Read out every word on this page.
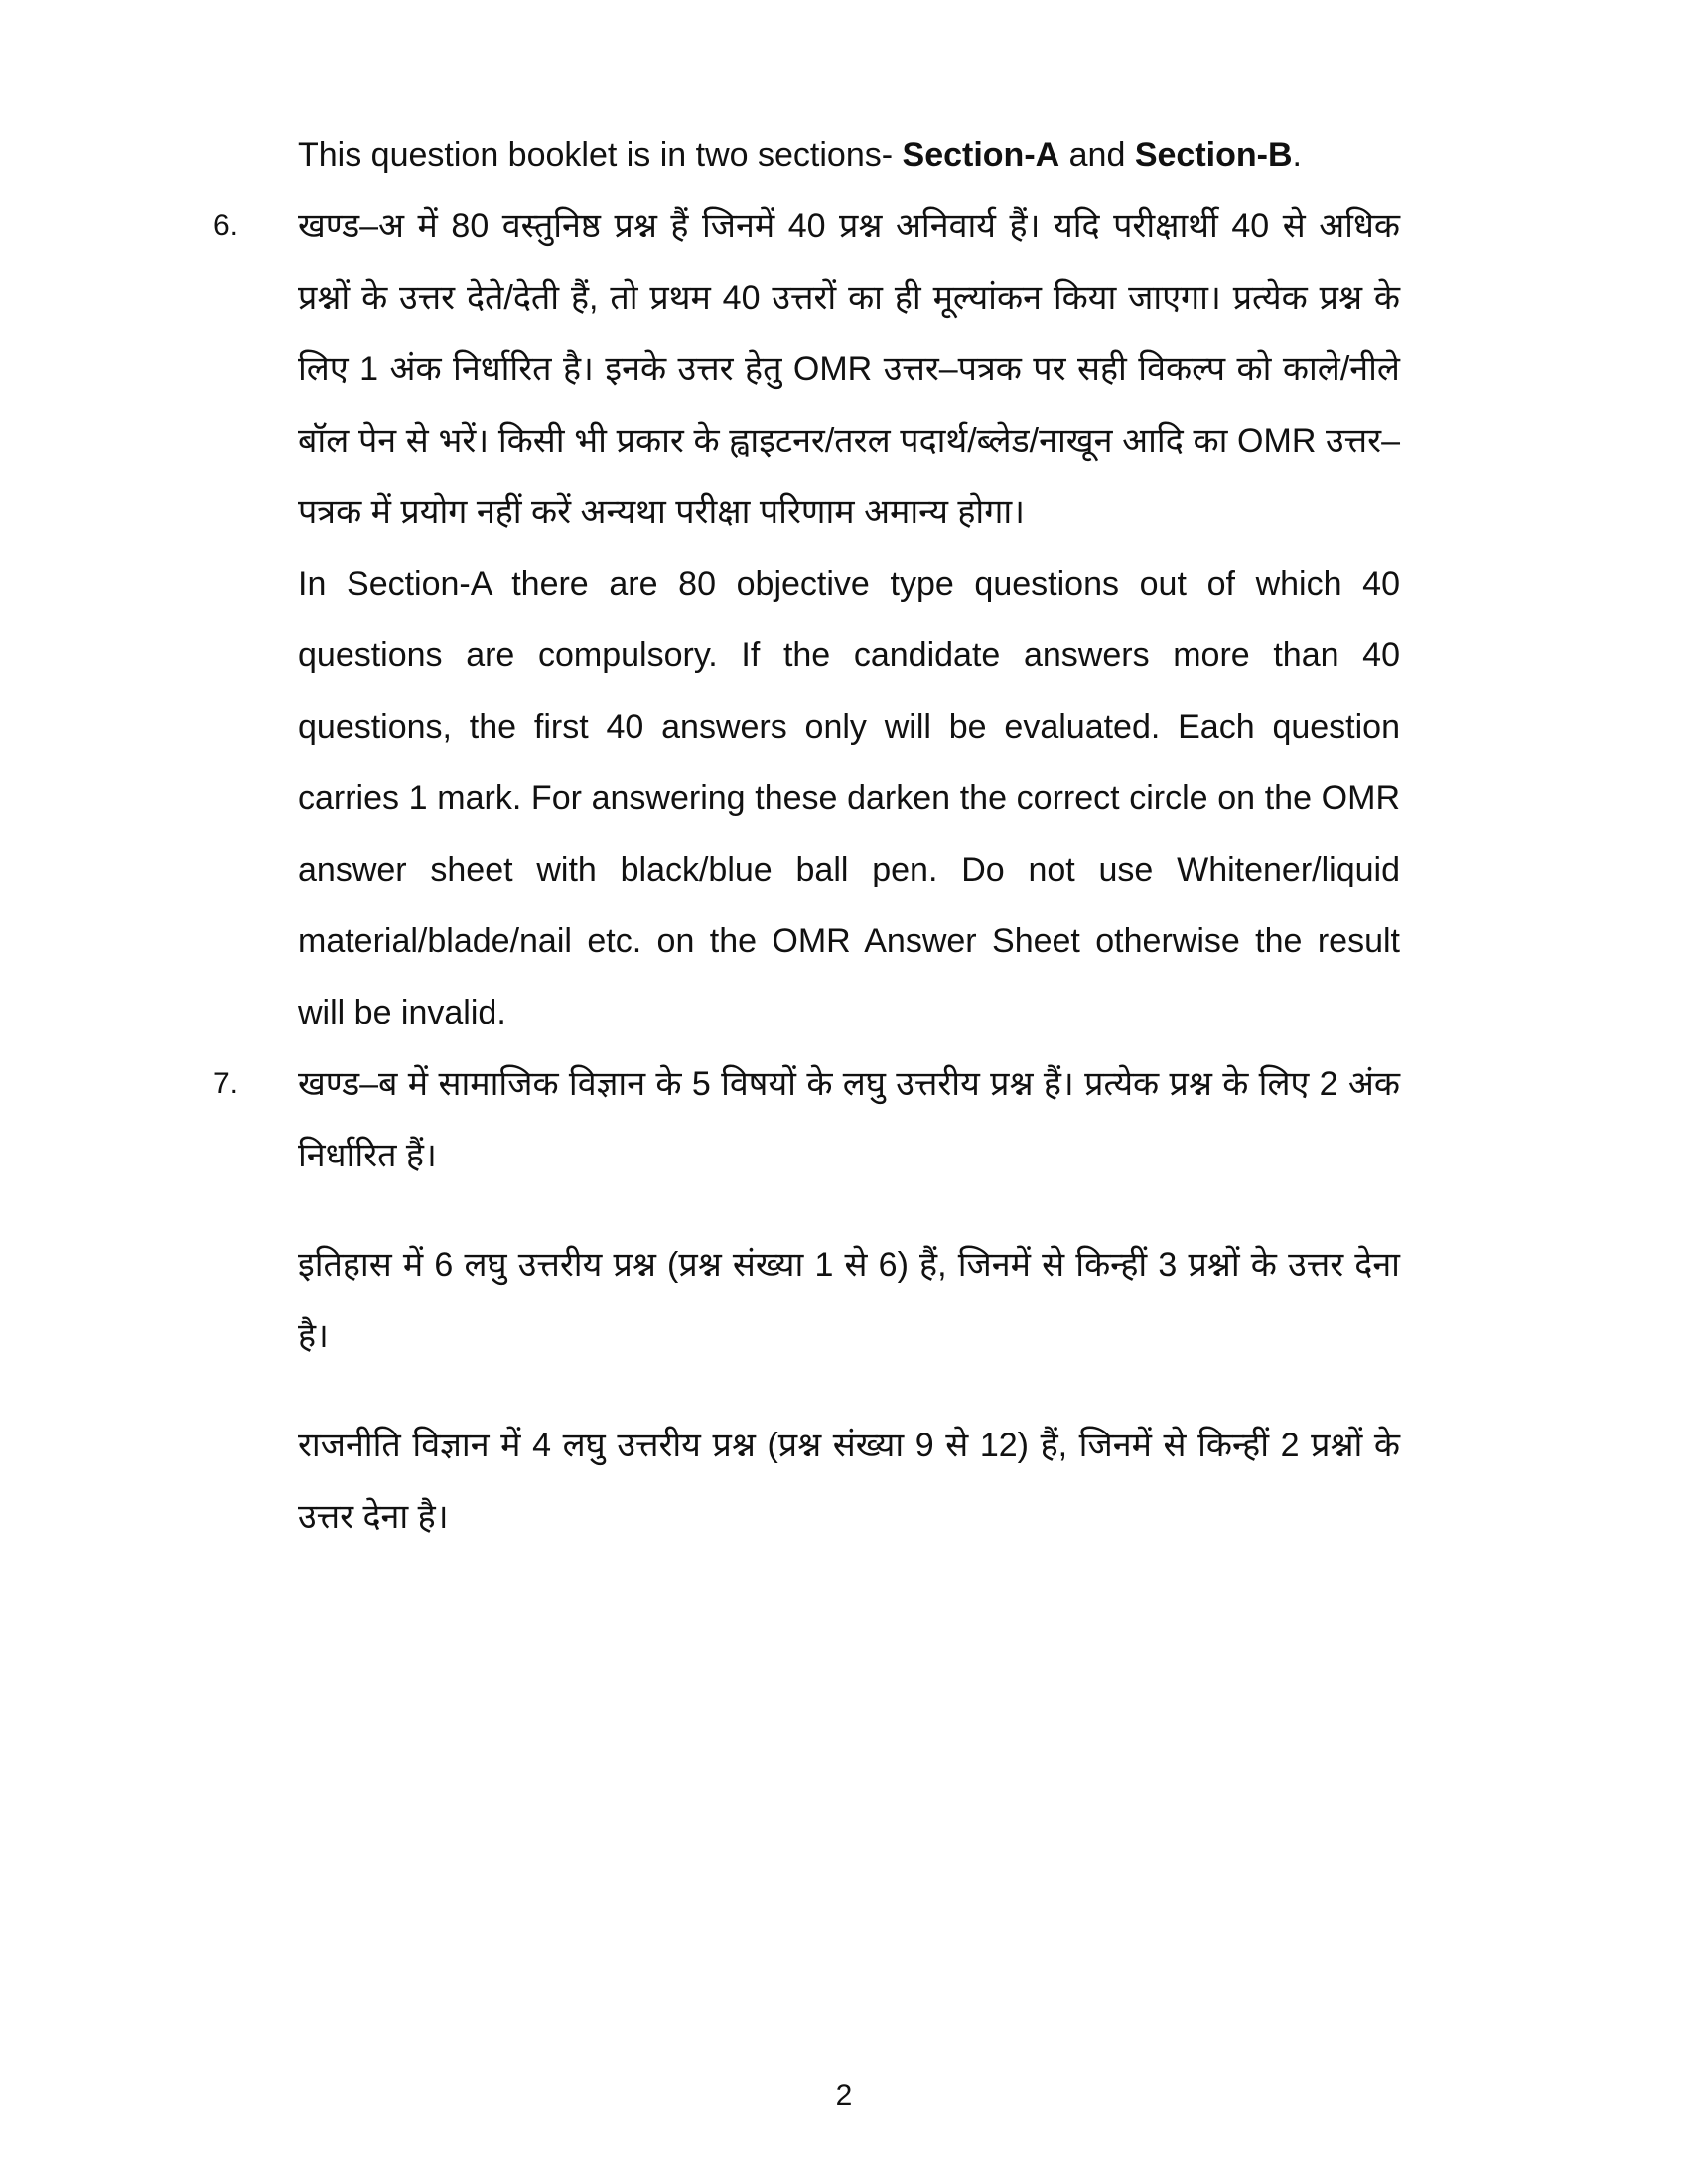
This question booklet is in two sections- Section-A and Section-B.

6.	खण्ड–अ में 80 वस्तुनिष्ठ प्रश्न हैं जिनमें 40 प्रश्न अनिवार्य हैं। यदि परीक्षार्थी 40 से अधिक प्रश्नों के उत्तर देते/देती हैं, तो प्रथम 40 उत्तरों का ही मूल्यांकन किया जाएगा। प्रत्येक प्रश्न के लिए 1 अंक निर्धारित है। इनके उत्तर हेतु OMR उत्तर–पत्रक पर सही विकल्प को काले/नीले बॉल पेन से भरें। किसी भी प्रकार के ह्वाइटनर/तरल पदार्थ/ब्लेड/नाखून आदि का OMR उत्तर–पत्रक में प्रयोग नहीं करें अन्यथा परीक्षा परिणाम अमान्य होगा।

In Section-A there are 80 objective type questions out of which 40 questions are compulsory. If the candidate answers more than 40 questions, the first 40 answers only will be evaluated. Each question carries 1 mark. For answering these darken the correct circle on the OMR answer sheet with black/blue ball pen. Do not use Whitener/liquid material/blade/nail etc. on the OMR Answer Sheet otherwise the result will be invalid.

7.	खण्ड–ब में सामाजिक विज्ञान के 5 विषयों के लघु उत्तरीय प्रश्न हैं। प्रत्येक प्रश्न के लिए 2 अंक निर्धारित हैं।

इतिहास में 6 लघु उत्तरीय प्रश्न (प्रश्न संख्या 1 से 6) हैं, जिनमें से किन्हीं 3 प्रश्नों के उत्तर देना है।

राजनीति विज्ञान में 4 लघु उत्तरीय प्रश्न (प्रश्न संख्या 9 से 12) हैं, जिनमें से किन्हीं 2 प्रश्नों के उत्तर देना है।

2
